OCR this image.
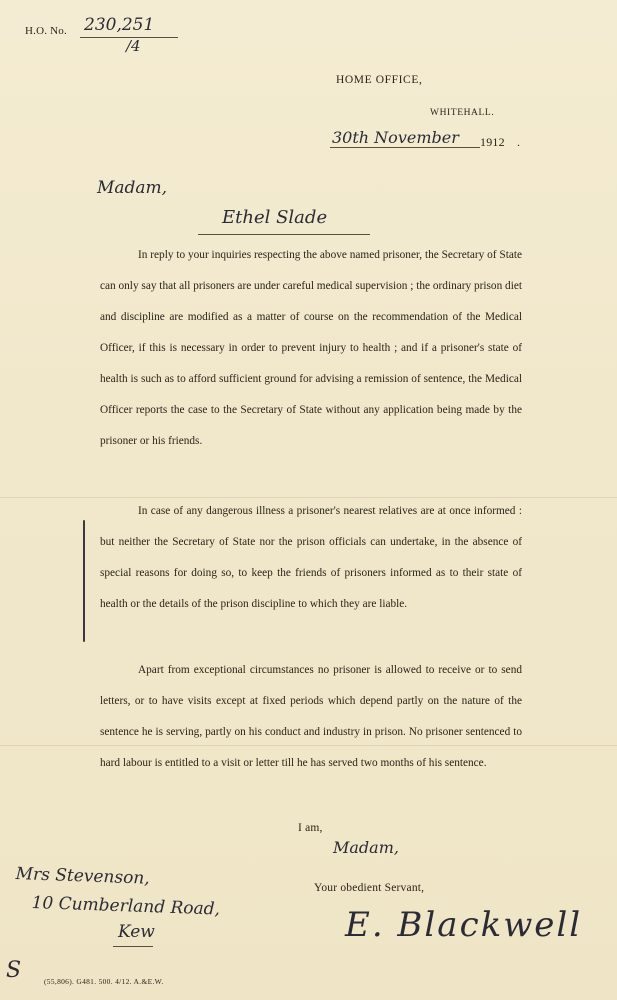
H.O. No. 230,251
/4
HOME OFFICE,
WHITEHALL.
30th November 1912 .
Madam,
Ethel Slade
In reply to your inquiries respecting the above named prisoner, the Secretary of State can only say that all prisoners are under careful medical supervision ; the ordinary prison diet and discipline are modified as a matter of course on the recommendation of the Medical Officer, if this is necessary in order to prevent injury to health ; and if a prisoner's state of health is such as to afford sufficient ground for advising a remission of sentence, the Medical Officer reports the case to the Secretary of State without any application being made by the prisoner or his friends.
In case of any dangerous illness a prisoner's nearest relatives are at once informed : but neither the Secretary of State nor the prison officials can undertake, in the absence of special reasons for doing so, to keep the friends of prisoners informed as to their state of health or the details of the prison discipline to which they are liable.
Apart from exceptional circumstances no prisoner is allowed to receive or to send letters, or to have visits except at fixed periods which depend partly on the nature of the sentence he is serving, partly on his conduct and industry in prison. No prisoner sentenced to hard labour is entitled to a visit or letter till he has served two months of his sentence.
I am,
Madam,
Your obedient Servant,
E. Blackwell
Mrs Stevenson,
10 Cumberland Road,
Kew
S	(55,806). G481. 500. 4/12. A.&E.W.
